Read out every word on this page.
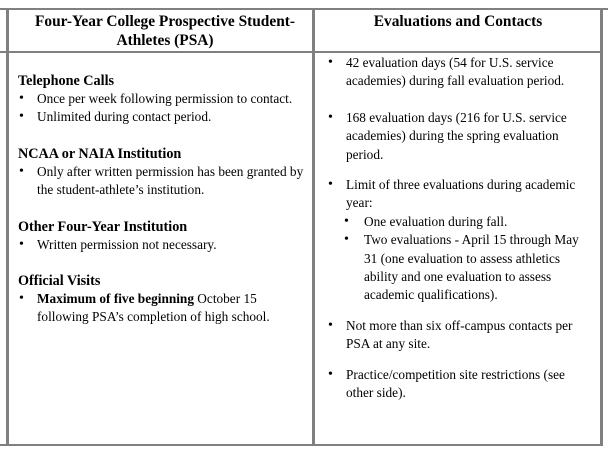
Four-Year College Prospective Student-Athletes (PSA)
Evaluations and Contacts

Telephone Calls

• Once per week following permission to contact.
• Unlimited during contact period.

NCAA or NAIA Institution

• Only after written permission has been granted by the student-athlete’s institution.

Other Four-Year Institution

• Written permission not necessary.

Official Visits

• Maximum of five beginning October 15 following PSA’s completion of high school.
• 42 evaluation days (54 for U.S. service academies) during fall evaluation period.
• 168 evaluation days (216 for U.S. service academies) during the spring evaluation period.
• Limit of three evaluations during academic year:
• One evaluation during fall.
• Two evaluations - April 15 through May 31 (one evaluation to assess athletics ability and one evaluation to assess academic qualifications).
• Not more than six off-campus contacts per PSA at any site.
• Practice/competition site restrictions (see other side).
